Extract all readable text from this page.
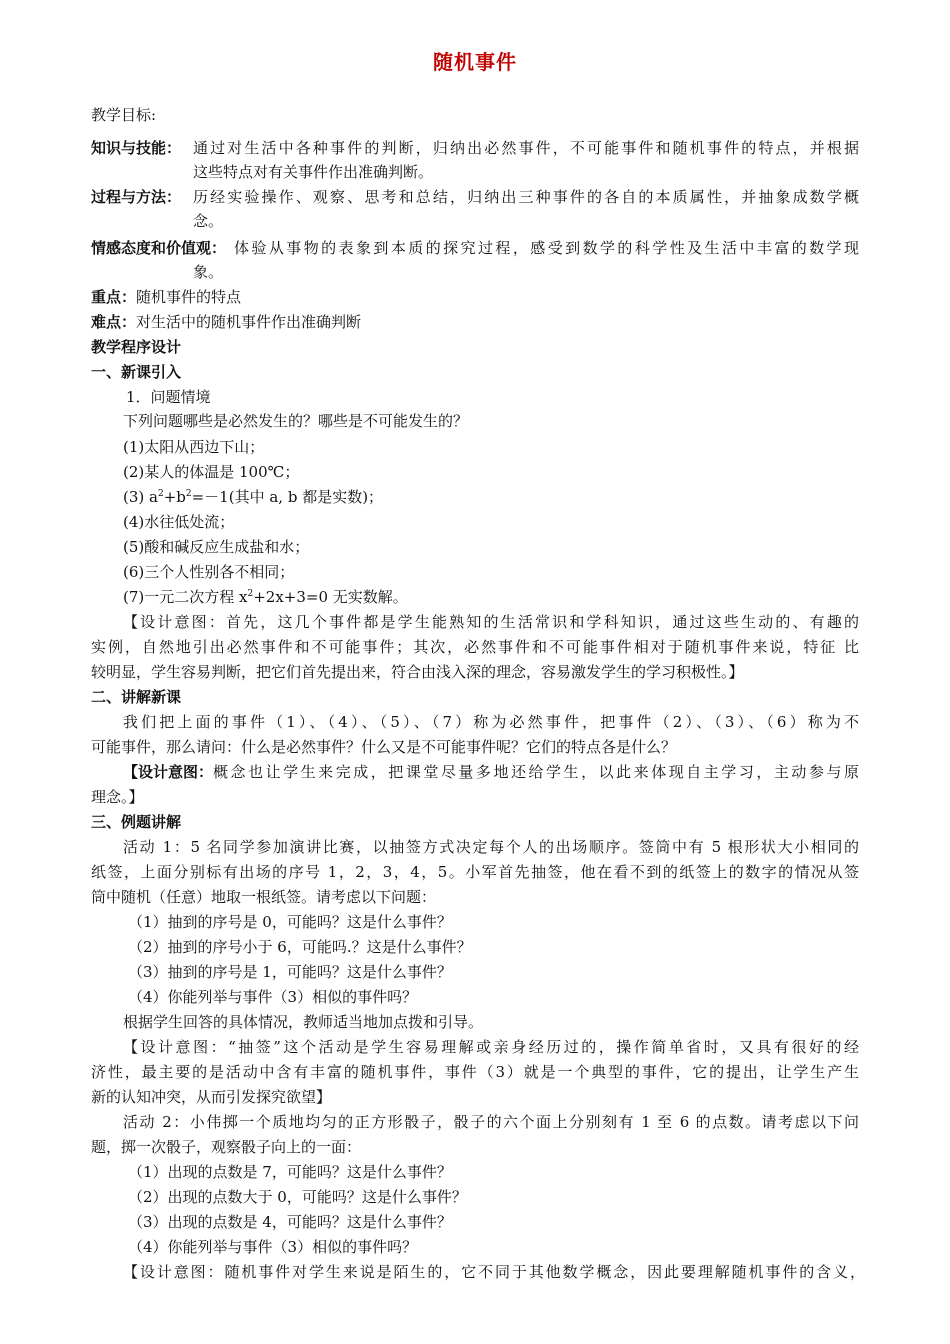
随机事件
教学目标:
知识与技能： 通过对生活中各种事件的判断，归纳出必然事件，不可能事件和随机事件的特点，并根据
这些特点对有关事件作出准确判断。
过程与方法： 历经实验操作、观察、思考和总结，归纳出三种事件的各自的本质属性，并抽象成数学概
念。
情感态度和价值观： 体验从事物的表象到本质的探究过程，感受到数学的科学性及生活中丰富的数学现
象。
重点：随机事件的特点
难点：对生活中的随机事件作出准确判断
教学程序设计
一、新课引入
1．问题情境
下列问题哪些是必然发生的？哪些是不可能发生的？
(1)太阳从西边下山；
(2)某人的体温是 100℃；
(3) $a^2+b^2=-1$(其中 a, b 都是实数)；
(4)水往低处流；
(5)酸和碱反应生成盐和水；
(6)三个人性别各不相同；
(7)一元二次方程 $x^2+2x+3=0$ 无实数解。
【设计意图：首先，这几个事件都是学生能熟知的生活常识和学科知识，通过这些生动的、有趣的
实例，自然地引出必然事件和不可能事件；其次，必然事件和不可能事件相对于随机事件来说，特征 比
较明显，学生容易判断，把它们首先提出来，符合由浅入深的理念，容易激发学生的学习积极性。】
二、讲解新课
我们把上面的事件（1）、（4）、（5）、（7）称为必然事件，把事件（2）、（3）、（6）称为不
可能事件，那么请问：什么是必然事件？什么又是不可能事件呢？它们的特点各是什么？
【设计意图： 概念也让学生来完成，把课堂尽量多地还给学生，以此来体现自主学习，主动参与原
理念。】
三、例题讲解
活动 1：5 名同学参加演讲比赛，以抽签方式决定每个人的出场顺序。签筒中有 5 根形状大小相同的
纸签，上面分别标有出场的序号 1，2，3，4，5。小军首先抽签，他在看不到的纸签上的数字的情况从签
筒中随机（任意）地取一根纸签。请考虑以下问题：
（1）抽到的序号是 0，可能吗？这是什么事件？
（2）抽到的序号小于 6，可能吗.？这是什么事件？
（3）抽到的序号是 1，可能吗？这是什么事件？
（4）你能列举与事件（3）相似的事件吗？
根据学生回答的具体情况，教师适当地加点拨和引导。
【设计意图：“抽签”这个活动是学生容易理解或亲身经历过的，操作简单省时，又具有很好的经
济性，最主要的是活动中含有丰富的随机事件，事件（3）就是一个典型的事件，它的提出，让学生产生
新的认知冲突，从而引发探究欲望】
活动 2：小伟掷一个质地均匀的正方形骰子，骰子的六个面上分别刻有 1 至 6 的点数。请考虑以下问
题，掷一次骰子，观察骰子向上的一面：
（1）出现的点数是 7，可能吗？这是什么事件？
（2）出现的点数大于 0，可能吗？这是什么事件？
（3）出现的点数是 4，可能吗？这是什么事件？
（4）你能列举与事件（3）相似的事件吗？
【设计意图：随机事件对学生来说是陌生的，它不同于其他数学概念，因此要理解随机事件的含义，
